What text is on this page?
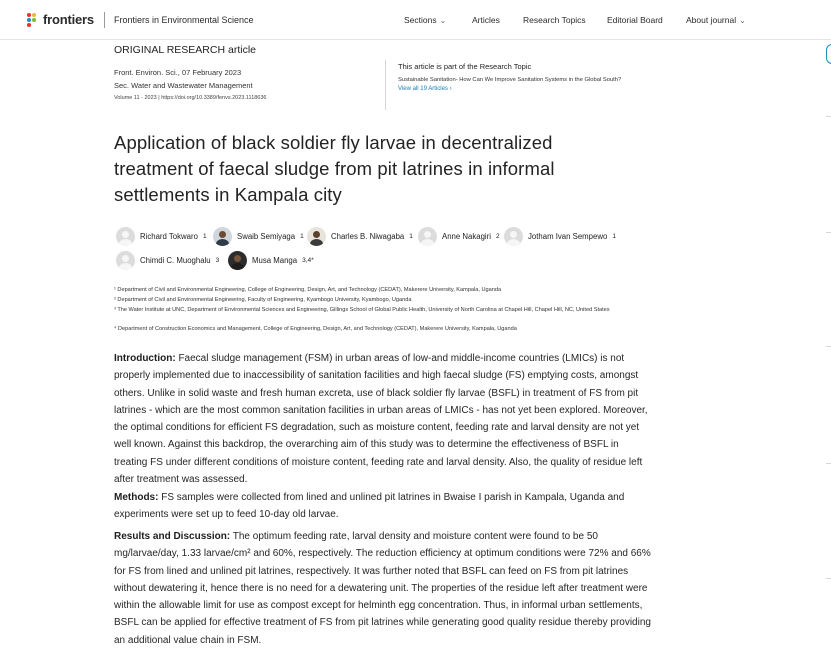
frontiers Frontiers in Environmental Science	Sections ⌄	Articles	Research Topics	Editorial Board	About journal ⌄
ORIGINAL RESEARCH article
Front. Environ. Sci., 07 February 2023
Sec. Water and Wastewater Management
Volume 11 - 2023 | https://doi.org/10.3389/fenvs.2023.1118636
This article is part of the Research Topic
Sustainable Sanitation- How Can We Improve Sanitation Systems in the Global South?
View all 19 Articles ›
Application of black soldier fly larvae in decentralized treatment of faecal sludge from pit latrines in informal settlements in Kampala city
Richard Tokwaro 1	Swaib Semiyaga 1	Charles B. Niwagaba 1	Anne Nakagiri 2	Jotham Ivan Sempewo 1
Chimdi C. Muoghalu 3	Musa Manga 3,4*
¹ Department of Civil and Environmental Engineering, College of Engineering, Design, Art, and Technology (CEDAT), Makerere University, Kampala, Uganda
² Department of Civil and Environmental Engineering, Faculty of Engineering, Kyambogo University, Kyambogo, Uganda
³ The Water Institute at UNC, Department of Environmental Sciences and Engineering, Gillings School of Global Public Health, University of North Carolina at Chapel Hill, Chapel Hill, NC, United States
⁴ Department of Construction Economics and Management, College of Engineering, Design, Art, and Technology (CEDAT), Makerere University, Kampala, Uganda
Introduction: Faecal sludge management (FSM) in urban areas of low-and middle-income countries (LMICs) is not properly implemented due to inaccessibility of sanitation facilities and high faecal sludge (FS) emptying costs, amongst others. Unlike in solid waste and fresh human excreta, use of black soldier fly larvae (BSFL) in treatment of FS from pit latrines - which are the most common sanitation facilities in urban areas of LMICs - has not yet been explored. Moreover, the optimal conditions for efficient FS degradation, such as moisture content, feeding rate and larval density are not yet well known. Against this backdrop, the overarching aim of this study was to determine the effectiveness of BSFL in treating FS under different conditions of moisture content, feeding rate and larval density. Also, the quality of residue left after treatment was assessed.
Methods: FS samples were collected from lined and unlined pit latrines in Bwaise I parish in Kampala, Uganda and experiments were set up to feed 10-day old larvae.
Results and Discussion: The optimum feeding rate, larval density and moisture content were found to be 50 mg/larvae/day, 1.33 larvae/cm² and 60%, respectively. The reduction efficiency at optimum conditions were 72% and 66% for FS from lined and unlined pit latrines, respectively. It was further noted that BSFL can feed on FS from pit latrines without dewatering it, hence there is no need for a dewatering unit. The properties of the residue left after treatment were within the allowable limit for use as compost except for helminth egg concentration. Thus, in informal urban settlements, BSFL can be applied for effective treatment of FS from pit latrines while generating good quality residue thereby providing an additional value chain in FSM.
